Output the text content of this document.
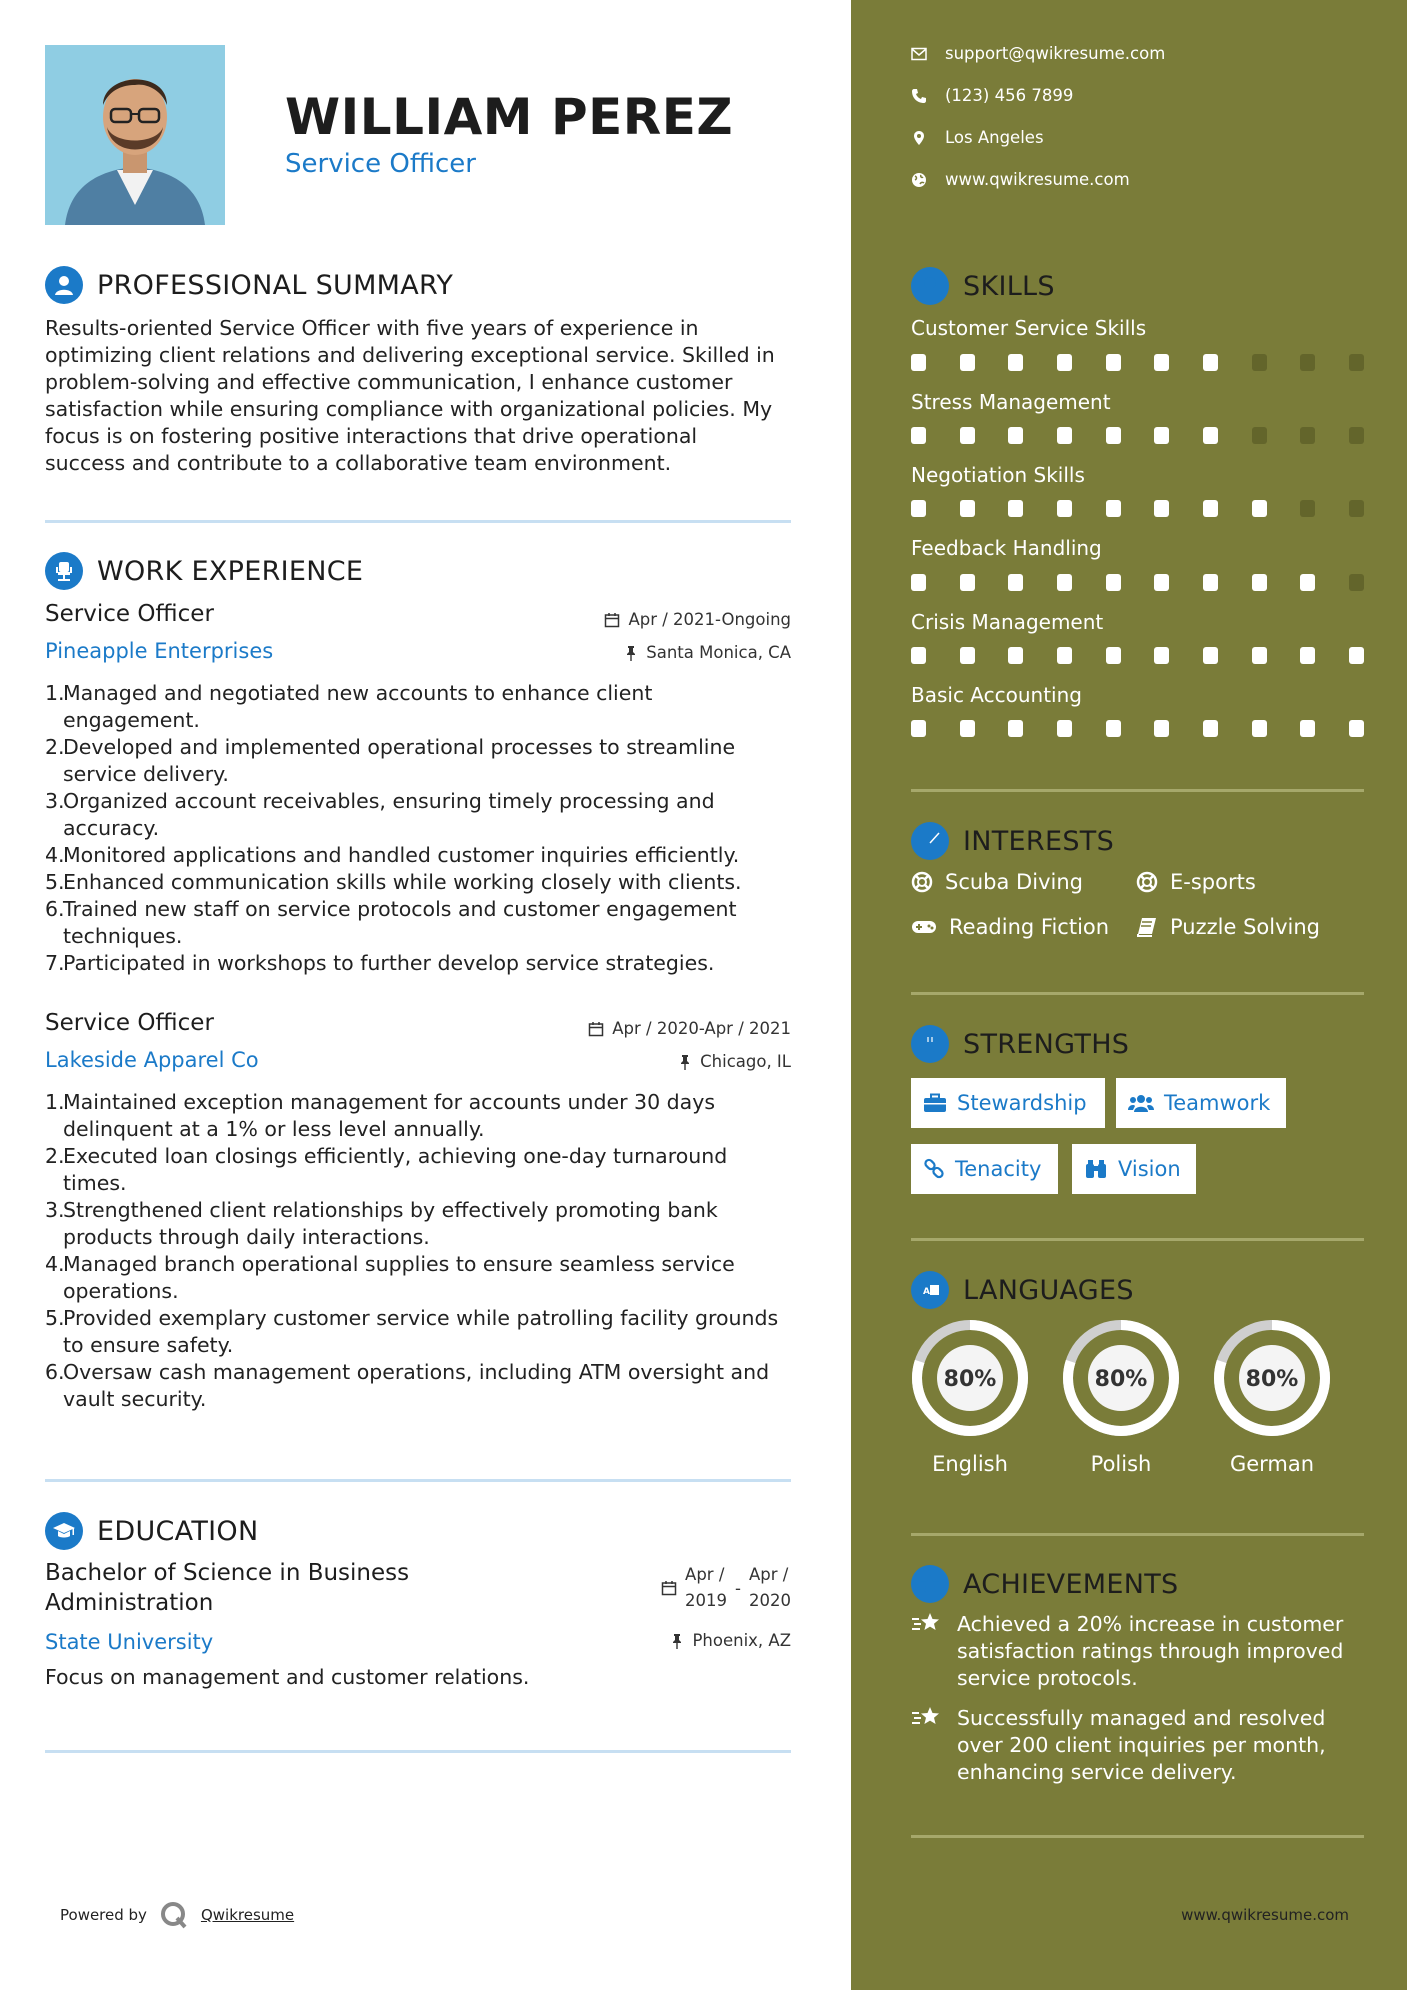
WILLIAM PEREZ
Service Officer
PROFESSIONAL SUMMARY
Results-oriented Service Officer with five years of experience in
optimizing client relations and delivering exceptional service. Skilled in
problem-solving and effective communication, I enhance customer
satisfaction while ensuring compliance with organizational policies. My
focus is on fostering positive interactions that drive operational
success and contribute to a collaborative team environment.
WORK EXPERIENCE
Service Officer
Pineapple Enterprises
Apr / 2021-Ongoing
Santa Monica, CA
1.
Managed and negotiated new accounts to enhance client
engagement.
2.
Developed and implemented operational processes to streamline
service delivery.
3.
Organized account receivables, ensuring timely processing and
accuracy.
4.
Monitored applications and handled customer inquiries efficiently.
5.
Enhanced communication skills while working closely with clients.
6.
Trained new staff on service protocols and customer engagement
techniques.
7.
Participated in workshops to further develop service strategies.
Service Officer
Lakeside Apparel Co
Apr / 2020-Apr / 2021
Chicago, IL
1.
Maintained exception management for accounts under 30 days
delinquent at a 1% or less level annually.
2.
Executed loan closings efficiently, achieving one-day turnaround
times.
3.
Strengthened client relationships by effectively promoting bank
products through daily interactions.
4.
Managed branch operational supplies to ensure seamless service
operations.
5.
Provided exemplary customer service while patrolling facility grounds
to ensure safety.
6.
Oversaw cash management operations, including ATM oversight and
vault security.
EDUCATION
Bachelor of Science in Business
Administration
State University
Apr /
2019
-
Apr /
2020
Phoenix, AZ
Focus on management and customer relations.
Powered by	Qwikresume
support@qwikresume.com
(123) 456 7899
Los Angeles
www.qwikresume.com
SKILLS
Customer Service Skills
Stress Management
Negotiation Skills
Feedback Handling
Crisis Management
Basic Accounting
INTERESTS
Scuba Diving	E-sports
Reading Fiction	Puzzle Solving
STRENGTHS
Stewardship	Teamwork
Tenacity	Vision
A LANGUAGES
80%
English
80%
Polish
80%
German
ACHIEVEMENTS
Achieved a 20% increase in customer
satisfaction ratings through improved
service protocols.
Successfully managed and resolved
over 200 client inquiries per month,
enhancing service delivery.
www.qwikresume.com
